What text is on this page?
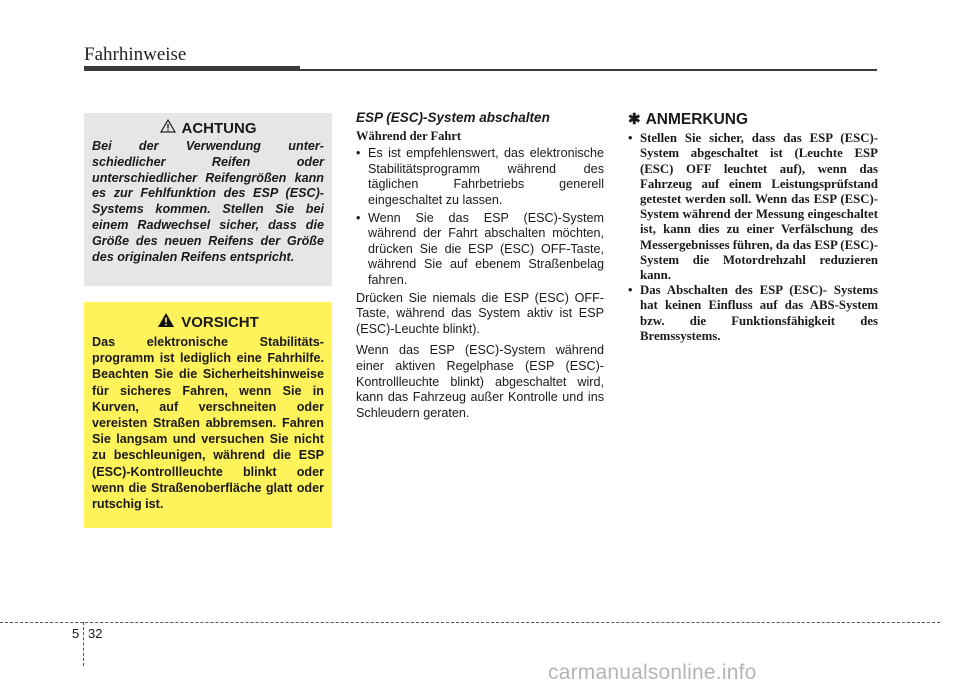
Fahrhinweise
ACHTUNG
Bei der Verwendung unter- schiedlicher Reifen oder unterschiedlicher Reifengrößen kann es zur Fehlfunktion des ESP (ESC)-Systems kommen. Stellen Sie bei einem Radwechsel sicher, dass die Größe des neuen Reifens der Größe des originalen Reifens entspricht.
VORSICHT
Das elektronische Stabilitäts- programm ist lediglich eine Fahrhilfe. Beachten Sie die Sicherheitshinweise für sicheres Fahren, wenn Sie in Kurven, auf verschneiten oder vereisten Straßen abbremsen. Fahren Sie langsam und versuchen Sie nicht zu beschleunigen, während die ESP (ESC)-Kontrollleuchte blinkt oder wenn die Straßenoberfläche glatt oder rutschig ist.
ESP (ESC)-System abschalten
Während der Fahrt
• Es ist empfehlenswert, das elektronische Stabilitätsprogramm während des täglichen Fahrbetriebs generell eingeschaltet zu lassen.
• Wenn Sie das ESP (ESC)-System während der Fahrt abschalten möchten, drücken Sie die ESP (ESC) OFF-Taste, während Sie auf ebenem Straßenbelag fahren.

Drücken Sie niemals die ESP (ESC) OFF-Taste, während das System aktiv ist ESP (ESC)-Leuchte blinkt).

Wenn das ESP (ESC)-System während einer aktiven Regelphase (ESP (ESC)- Kontrollleuchte blinkt) abgeschaltet wird, kann das Fahrzeug außer Kontrolle und ins Schleudern geraten.

✱ ANMERKUNG
• Stellen Sie sicher, dass das ESP (ESC)- System abgeschaltet ist (Leuchte ESP (ESC) OFF leuchtet auf), wenn das Fahrzeug auf einem Leistungsprüfstand getestet werden soll. Wenn das ESP (ESC)-System während der Messung eingeschaltet ist, kann dies zu einer Verfälschung des Messergebnisses führen, da das ESP (ESC)-System die Motordrehzahl reduzieren kann.
• Das Abschalten des ESP (ESC)- Systems hat keinen Einfluss auf das ABS-System bzw. die Funktionsfähigkeit des Bremssystems.
5 32
carmanualsonline.info
